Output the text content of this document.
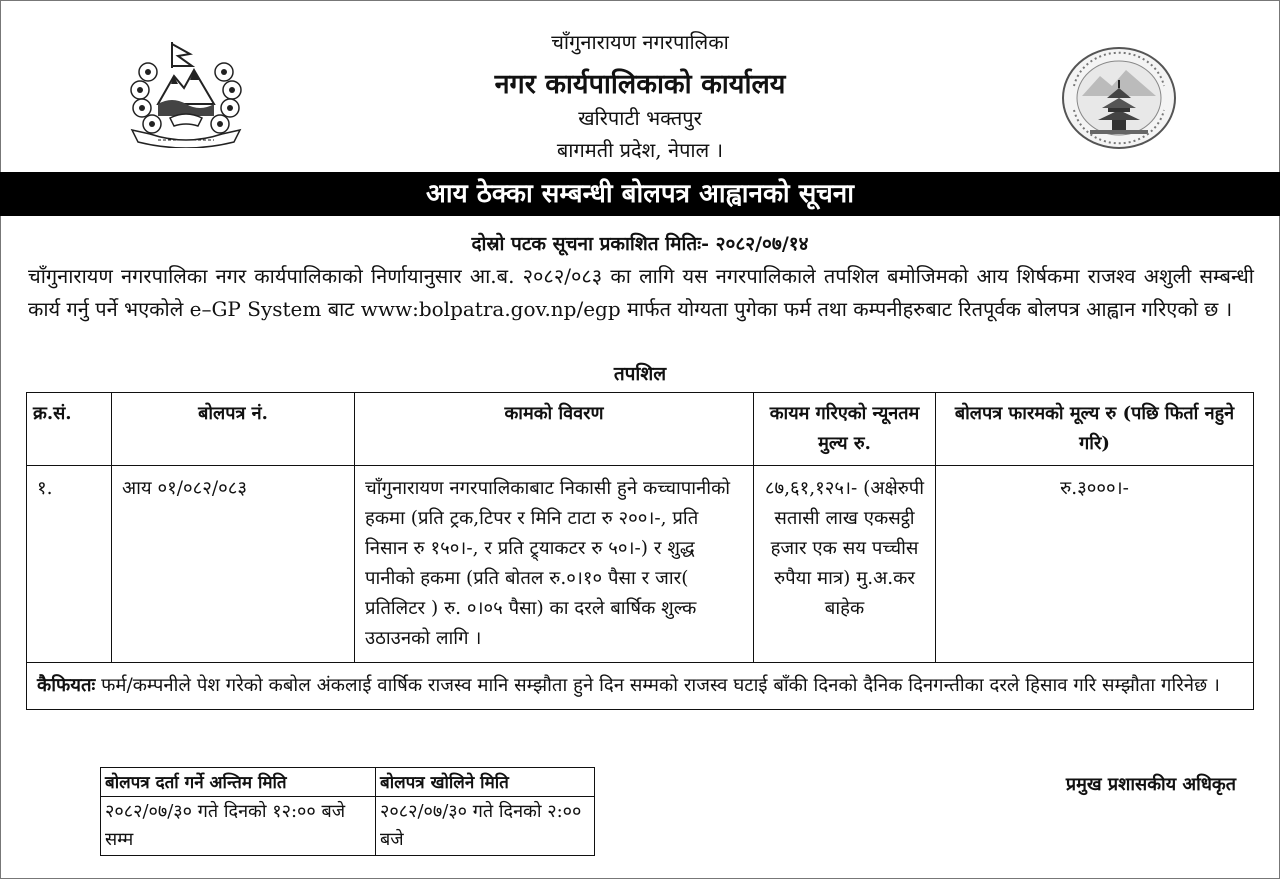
चाँगुनारायण नगरपालिका
नगर कार्यपालिकाको कार्यालय
खरिपाटी भक्तपुर
बागमती प्रदेश, नेपाल ।
आय ठेक्का सम्बन्धी बोलपत्र आह्वानको सूचना
दोस्रो पटक सूचना प्रकाशित मितिः- २०८२/०७/१४
चाँगुनारायण नगरपालिका नगर कार्यपालिकाको निर्णायानुसार आ.ब. २०८२/०८३ का लागि यस नगरपालिकाले तपशिल बमोजिमको आय शिर्षकमा राजश्व अशुली सम्बन्धी कार्य गर्नु पर्ने भएकोले e–GP System बाट www:bolpatra.gov.np/egp मार्फत योग्यता पुगेका फर्म तथा कम्पनीहरुबाट रितपूर्वक बोलपत्र आह्वान गरिएको छ ।
तपशिल
क्र.सं.	बोलपत्र नं.	कामको विवरण	कायम गरिएको न्यूनतम मुल्य रु.	बोलपत्र फारमको मूल्य रु (पछि फिर्ता नहुने गरि)
१.	आय ०१/०८२/०८३	चाँगुनारायण नगरपालिकाबाट निकासी हुने कच्चापानीको हकमा (प्रति ट्रक,टिपर र मिनि टाटा रु २००।-, प्रति निसान रु १५०।-, र प्रति ट्र्याकटर रु ५०।-) र शुद्ध पानीको हकमा (प्रति बोतल रु.०।१० पैसा र जार( प्रतिलिटर ) रु. ०।०५ पैसा) का दरले बार्षिक शुल्क उठाउनको लागि ।	८७,६१,१२५।- (अक्षेरुपी सतासी लाख एकसट्ठी हजार एक सय पच्चीस रुपैया मात्र) मु.अ.कर बाहेक	रु.३०००।-
कैफियतः फर्म/कम्पनीले पेश गरेको कबोल अंकलाई वार्षिक राजस्व मानि सम्झौता हुने दिन सम्मको राजस्व घटाई बाँकी दिनको दैनिक दिनगन्तीका दरले हिसाव गरि सम्झौता गरिनेछ ।				
बोलपत्र दर्ता गर्ने अन्तिम मिति	बोलपत्र खोलिने मिति
२०८२/०७/३० गते दिनको १२:०० बजे सम्म	२०८२/०७/३० गते दिनको २:०० बजे
प्रमुख प्रशासकीय अधिकृत
